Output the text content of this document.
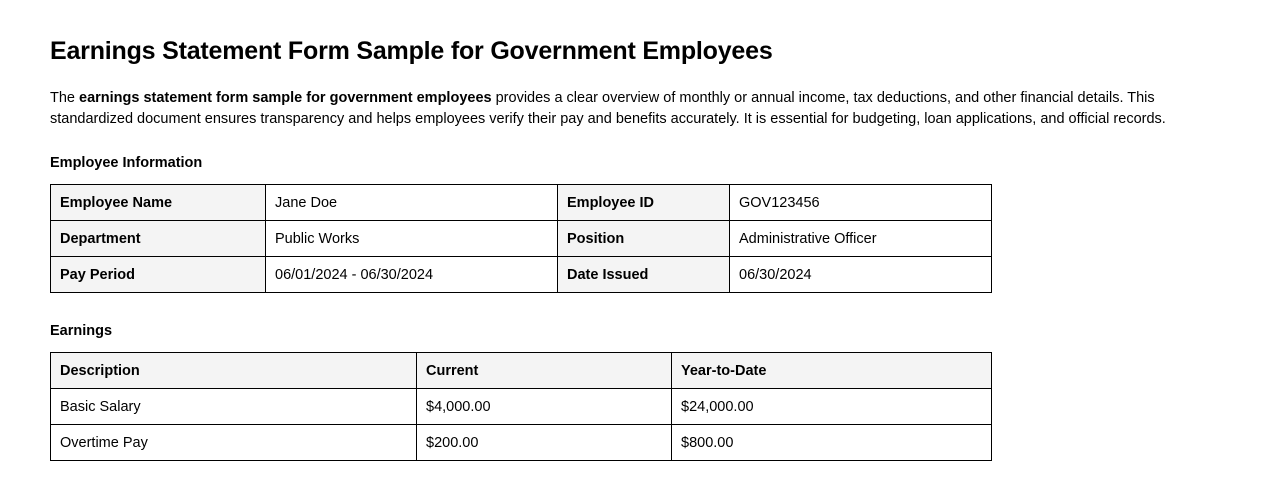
Earnings Statement Form Sample for Government Employees

The earnings statement form sample for government employees provides a clear overview of monthly or annual income, tax deductions, and other financial details. This standardized document ensures transparency and helps employees verify their pay and benefits accurately. It is essential for budgeting, loan applications, and official records.

Employee Information
Employee Name	Jane Doe	Employee ID	GOV123456
Department	Public Works	Position	Administrative Officer
Pay Period	06/01/2024 - 06/30/2024	Date Issued	06/30/2024
Earnings
Description	Current	Year-to-Date
Basic Salary	$4,000.00	$24,000.00
Overtime Pay	$200.00	$800.00
